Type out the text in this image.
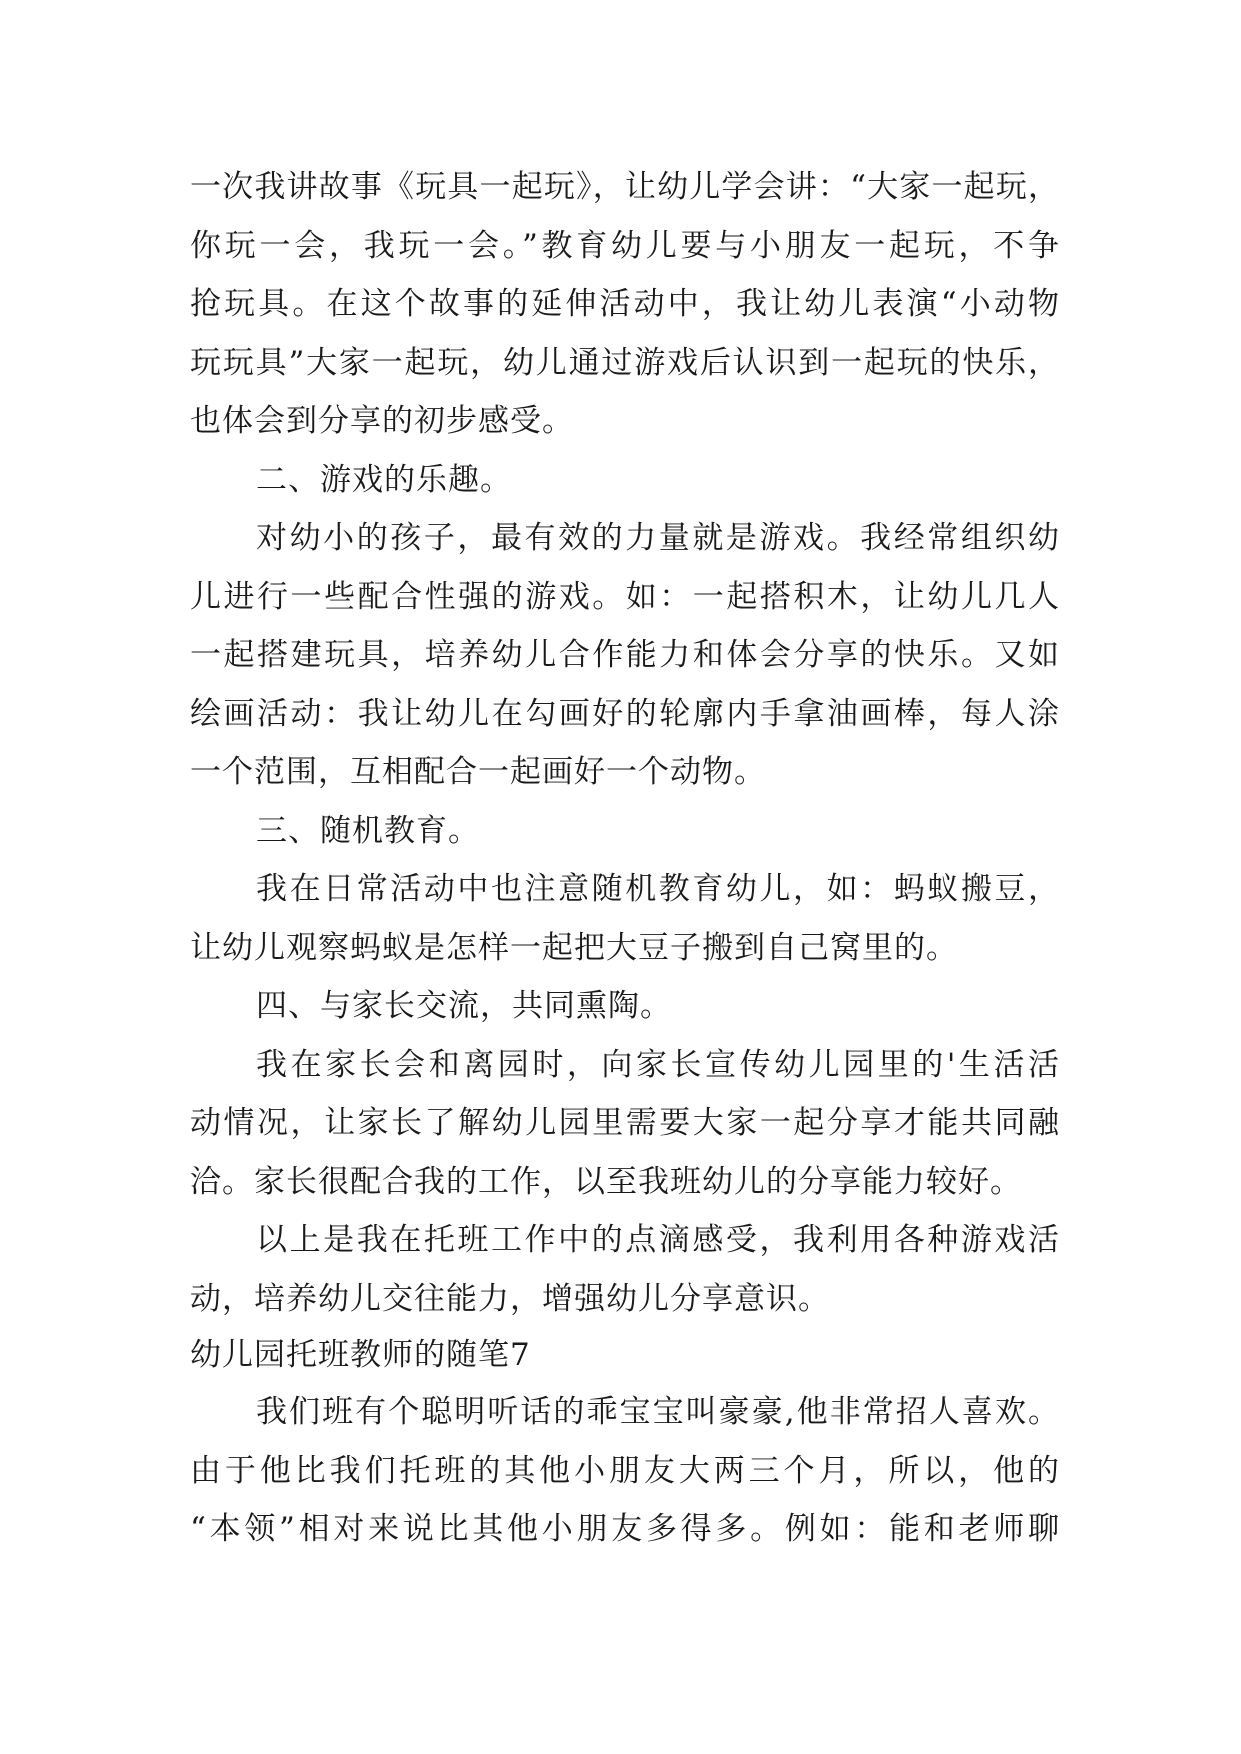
一次我讲故事《玩具一起玩》，让幼儿学会讲：“大家一起玩，
你玩一会，我玩一会。”教育幼儿要与小朋友一起玩，不争
抢玩具。在这个故事的延伸活动中，我让幼儿表演“小动物
玩玩具”大家一起玩，幼儿通过游戏后认识到一起玩的快乐，
也体会到分享的初步感受。
二、游戏的乐趣。
对幼小的孩子，最有效的力量就是游戏。我经常组织幼
儿进行一些配合性强的游戏。如：一起搭积木，让幼儿几人
一起搭建玩具，培养幼儿合作能力和体会分享的快乐。又如
绘画活动：我让幼儿在勾画好的轮廓内手拿油画棒，每人涂
一个范围，互相配合一起画好一个动物。
三、随机教育。
我在日常活动中也注意随机教育幼儿，如：蚂蚁搬豆，
让幼儿观察蚂蚁是怎样一起把大豆子搬到自己窝里的。
四、与家长交流，共同熏陶。
我在家长会和离园时，向家长宣传幼儿园里的'生活活
动情况，让家长了解幼儿园里需要大家一起分享才能共同融
洽。家长很配合我的工作，以至我班幼儿的分享能力较好。
以上是我在托班工作中的点滴感受，我利用各种游戏活
动，培养幼儿交往能力，增强幼儿分享意识。
幼儿园托班教师的随笔7
我们班有个聪明听话的乖宝宝叫豪豪,他非常招人喜欢。
由于他比我们托班的其他小朋友大两三个月，所以，他的
“本领”相对来说比其他小朋友多得多。例如：能和老师聊
